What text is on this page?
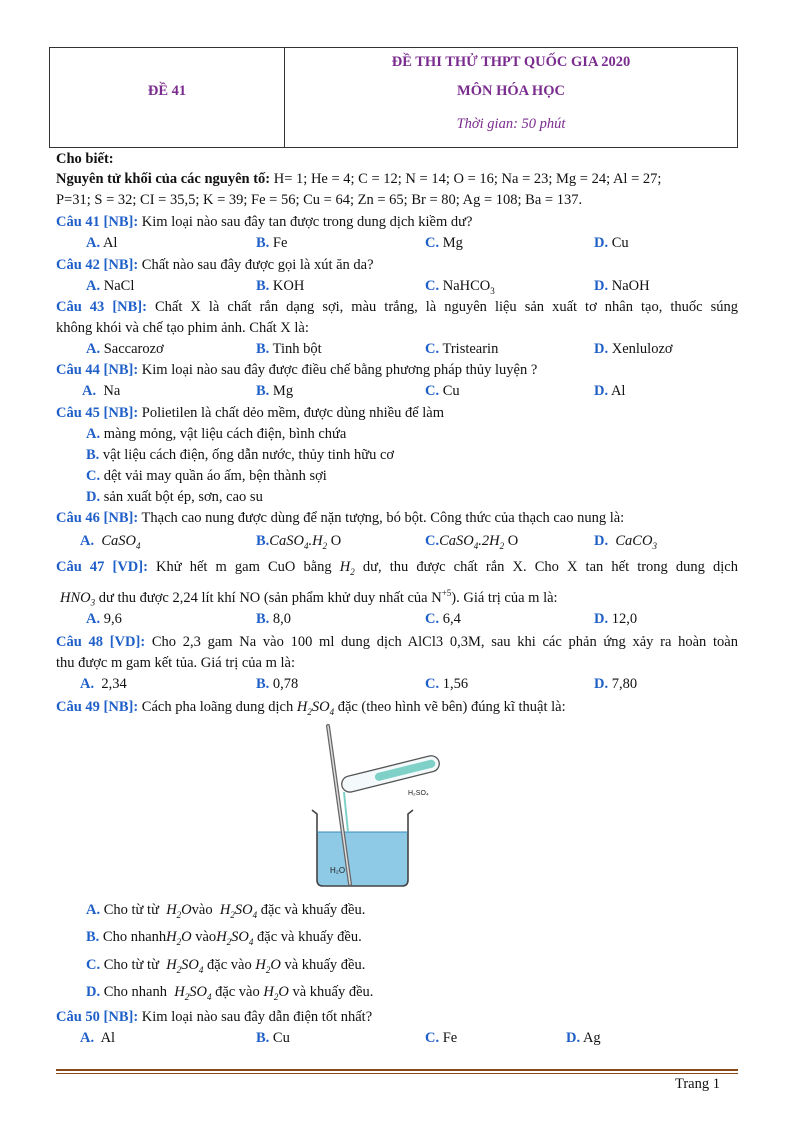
ĐỀ 41
ĐỀ THI THỬ THPT QUỐC GIA 2020
MÔN HÓA HỌC
Thời gian: 50 phút
Cho biết:
Nguyên tử khối của các nguyên tố: H= 1; He = 4; C = 12; N = 14; O = 16; Na = 23; Mg = 24; Al = 27;
P=31; S = 32; CI = 35,5; K = 39; Fe = 56; Cu = 64; Zn = 65; Br = 80; Ag = 108; Ba = 137.
Câu 41 [NB]: Kim loại nào sau đây tan được trong dung dịch kiềm dư?
A. Al	B. Fe	C. Mg	D. Cu
Câu 42 [NB]: Chất nào sau đây được gọi là xút ăn da?
A. NaCl	B. KOH	C. NaHCO$_3$	D. NaOH
Câu 43 [NB]: Chất X là chất rắn dạng sợi, màu trắng, là nguyên liệu sản xuất tơ nhân tạo, thuốc súng
không khói và chế tạo phim ảnh. Chất X là:
A. Saccarozơ	B. Tinh bột	C. Tristearin	D. Xenlulozơ
Câu 44 [NB]: Kim loại nào sau đây được điều chế bằng phương pháp thủy luyện ?
A. Na	B. Mg	C. Cu	D. Al
Câu 45 [NB]: Polietilen là chất dẻo mềm, được dùng nhiều để làm
A. màng mỏng, vật liệu cách điện, bình chứa
B. vật liệu cách điện, ống dẫn nước, thủy tinh hữu cơ
C. dệt vải may quần áo ấm, bện thành sợi
D. sản xuất bột ép, sơn, cao su
Câu 46 [NB]: Thạch cao nung được dùng để nặn tượng, bó bột. Công thức của thạch cao nung là:
A. CaSO$_4$	$B.CaSO_4.H_2$ O	$C.CaSO_4.2H_2$ O	D. CaCO$_3$
Câu 47 [VD]: Khử hết m gam CuO bằng $H_2$ dư, thu được chất rắn X. Cho X tan hết trong dung dịch
$HNO_3$ dư thu được 2,24 lít khí NO (sản phẩm khử duy nhất của $N^{+5}$). Giá trị của m là:
A. 9,6	B. 8,0	C. 6,4	D. 12,0
Câu 48 [VD]: Cho 2,3 gam Na vào 100 ml dung dịch AlCl3 0,3M, sau khi các phản ứng xảy ra hoàn toàn
thu được m gam kết tủa. Giá trị của m là:
A. 2,34	B. 0,78	C. 1,56	D. 7,80
Câu 49 [NB]: Cách pha loãng dung dịch $H_2SO_4$ đặc (theo hình vẽ bên) đúng kĩ thuật là:
H₂SO₄
H₂O
A. Cho từ từ  $H_2Ovào$  $H_2SO_4$ đặc và khuấy đều.
B. Cho nhanhH$_2$O $vàoH_2SO_4$ đặc và khuấy đều.
C. Cho từ từ  $H_2SO_4$ đặc vào $H_2O$ và khuấy đều.
D. Cho nhanh  $H_2SO_4$ đặc vào $H_2O$ và khuấy đều.
Câu 50 [NB]: Kim loại nào sau đây dẫn điện tốt nhất?
A. Al	B. Cu	C. Fe	D. Ag
Trang 1
